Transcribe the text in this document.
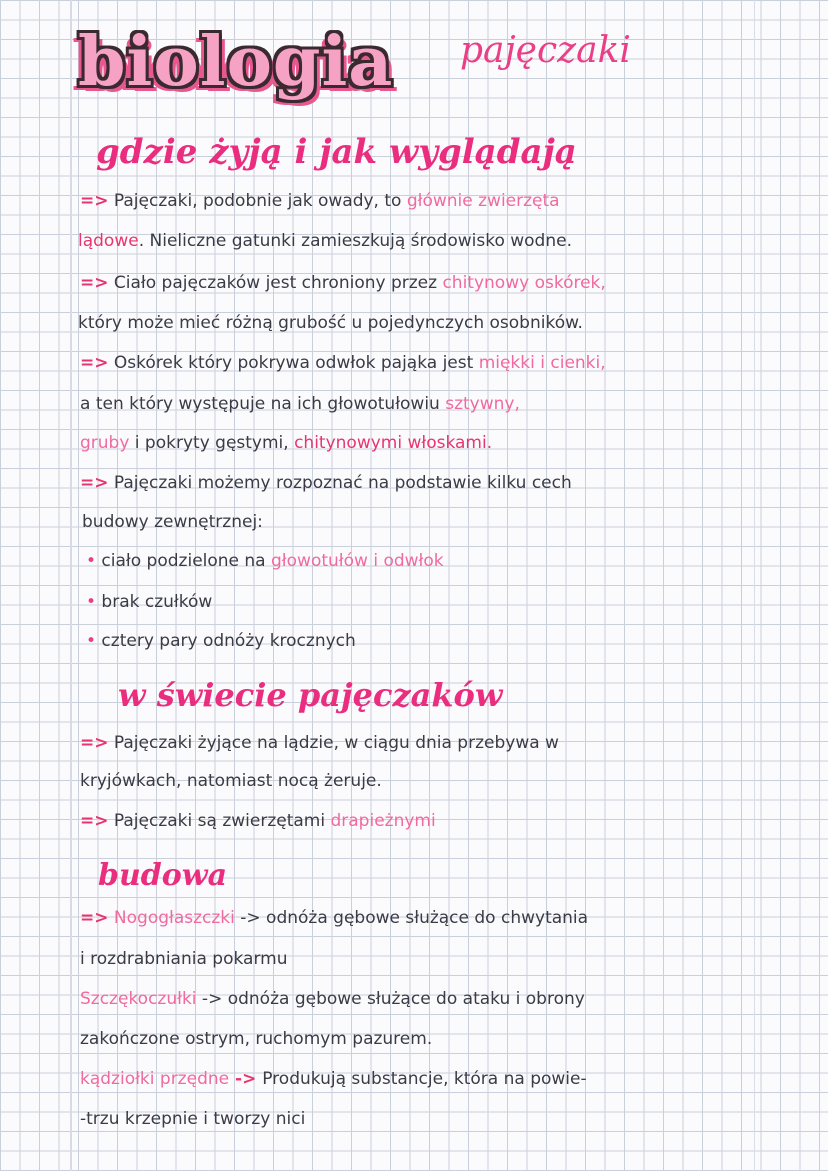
biologia pajęczaki
gdzie żyją i jak wyglądają
=> Pajęczaki, podobnie jak owady, to głównie zwierzęta
lądowe. Nieliczne gatunki zamieszkują środowisko wodne.
=> Ciało pajęczaków jest chroniony przez chitynowy oskórek,
który może mieć różną grubość u pojedynczych osobników.
=> Oskórek który pokrywa odwłok pająka jest miękki i cienki,
a ten który występuje na ich głowotułowiu sztywny,
gruby i pokryty gęstymi, chitynowymi włoskami.
=> Pajęczaki możemy rozpoznać na podstawie kilku cech
budowy zewnętrznej:
• ciało podzielone na głowotułów i odwłok
• brak czułków
• cztery pary odnóży krocznych
w świecie pajęczaków
=> Pajęczaki żyjące na lądzie, w ciągu dnia przebywa w
kryjówkach, natomiast nocą żeruje.
=> Pajęczaki są zwierzętami drapieżnymi
budowa
=> Nogogłaszczki -> odnóża gębowe służące do chwytania
i rozdrabniania pokarmu
Szczękoczułki -> odnóża gębowe służące do ataku i obrony
zakończone ostrym, ruchomym pazurem.
kądziołki przędne -> Produkują substancje, która na powie-
-trzu krzepnie i tworzy nici
